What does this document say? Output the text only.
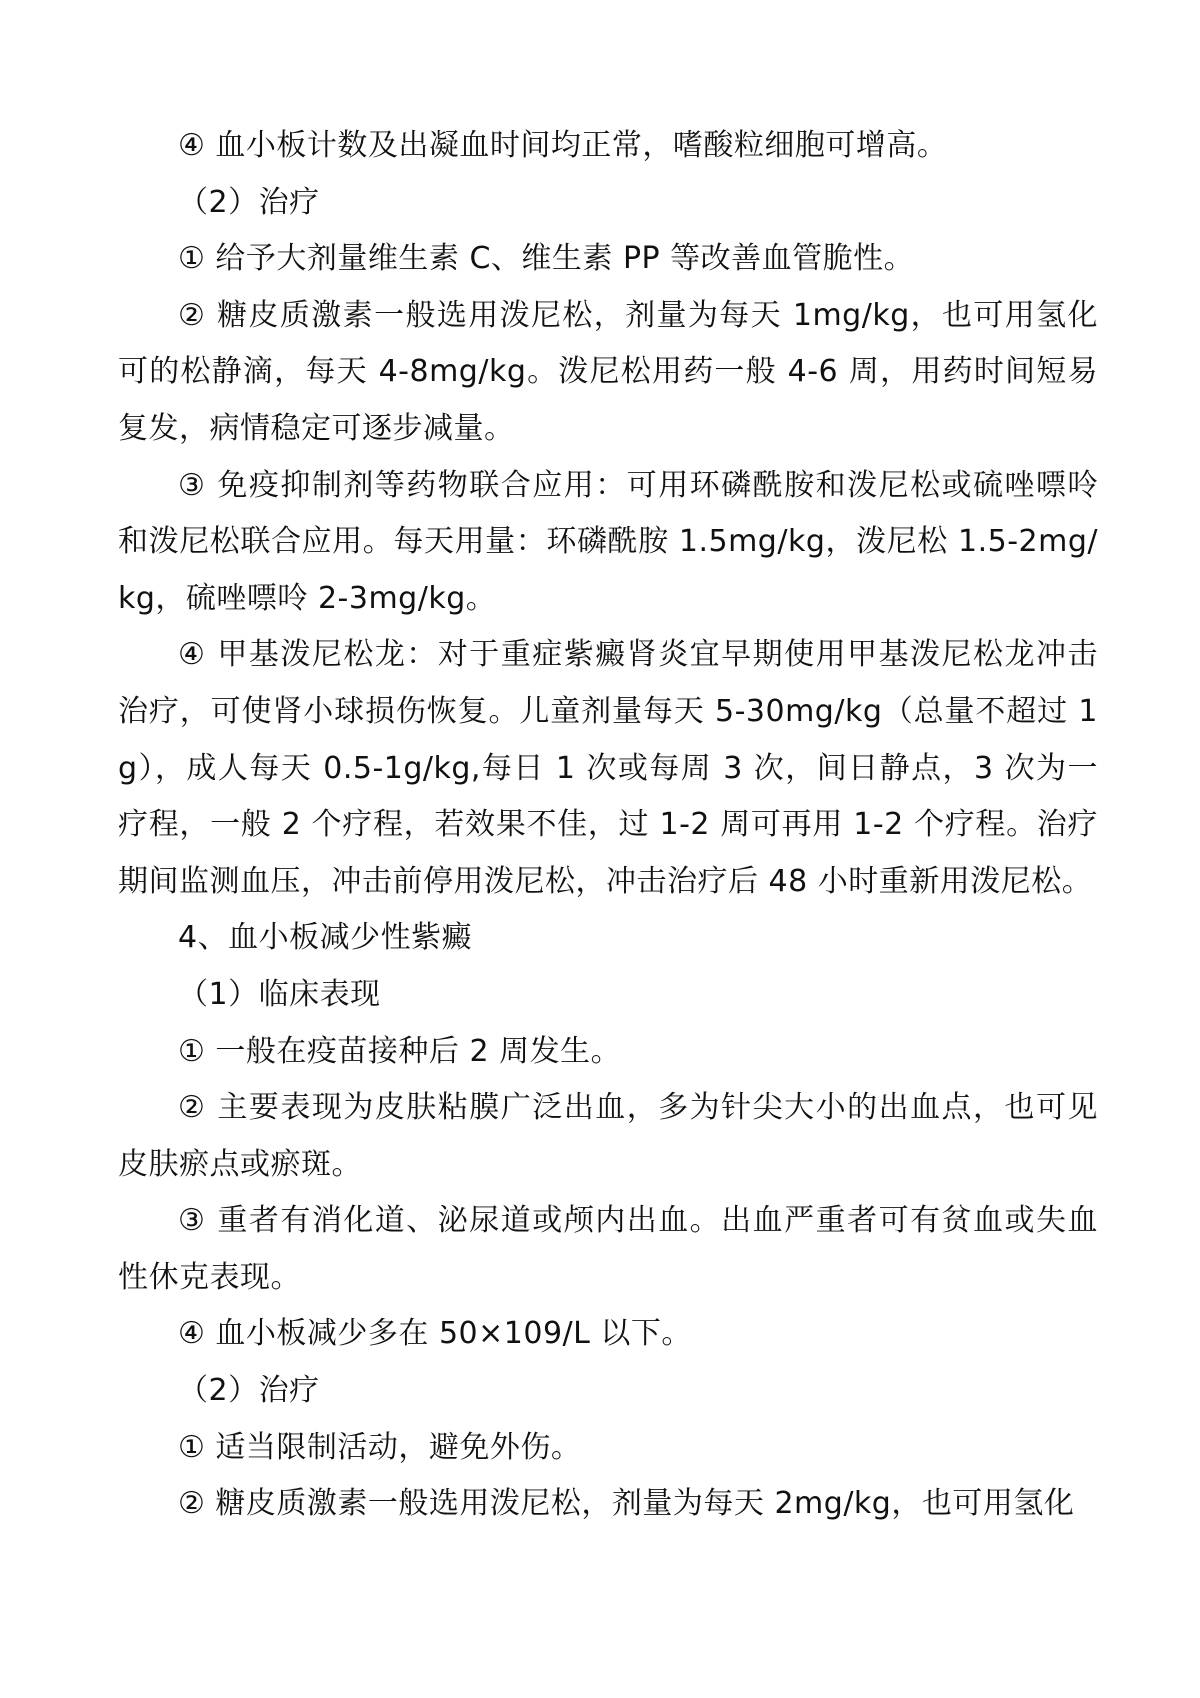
④ 血小板计数及出凝血时间均正常，嗜酸粒细胞可增高。

（2）治疗

① 给予大剂量维生素 C、维生素 PP 等改善血管脆性。

② 糖皮质激素一般选用泼尼松，剂量为每天 1mg/kg，也可用氢化可的松静滴，每天 4-8mg/kg。泼尼松用药一般 4-6 周，用药时间短易复发，病情稳定可逐步减量。

③ 免疫抑制剂等药物联合应用：可用环磷酰胺和泼尼松或硫唑嘌呤和泼尼松联合应用。每天用量：环磷酰胺 1.5mg/kg，泼尼松 1.5-2mg/kg，硫唑嘌呤 2-3mg/kg。

④ 甲基泼尼松龙：对于重症紫癜肾炎宜早期使用甲基泼尼松龙冲击治疗，可使肾小球损伤恢复。儿童剂量每天 5-30mg/kg（总量不超过 1g），成人每天 0.5-1g/kg,每日 1 次或每周 3 次，间日静点，3 次为一疗程，一般 2 个疗程，若效果不佳，过 1-2 周可再用 1-2 个疗程。治疗期间监测血压，冲击前停用泼尼松，冲击治疗后 48 小时重新用泼尼松。

4、血小板减少性紫癜

（1）临床表现

① 一般在疫苗接种后 2 周发生。

② 主要表现为皮肤粘膜广泛出血，多为针尖大小的出血点，也可见皮肤瘀点或瘀斑。

③ 重者有消化道、泌尿道或颅内出血。出血严重者可有贫血或失血性休克表现。

④ 血小板减少多在 50×109/L 以下。

（2）治疗

① 适当限制活动，避免外伤。

② 糖皮质激素一般选用泼尼松，剂量为每天 2mg/kg，也可用氢化
